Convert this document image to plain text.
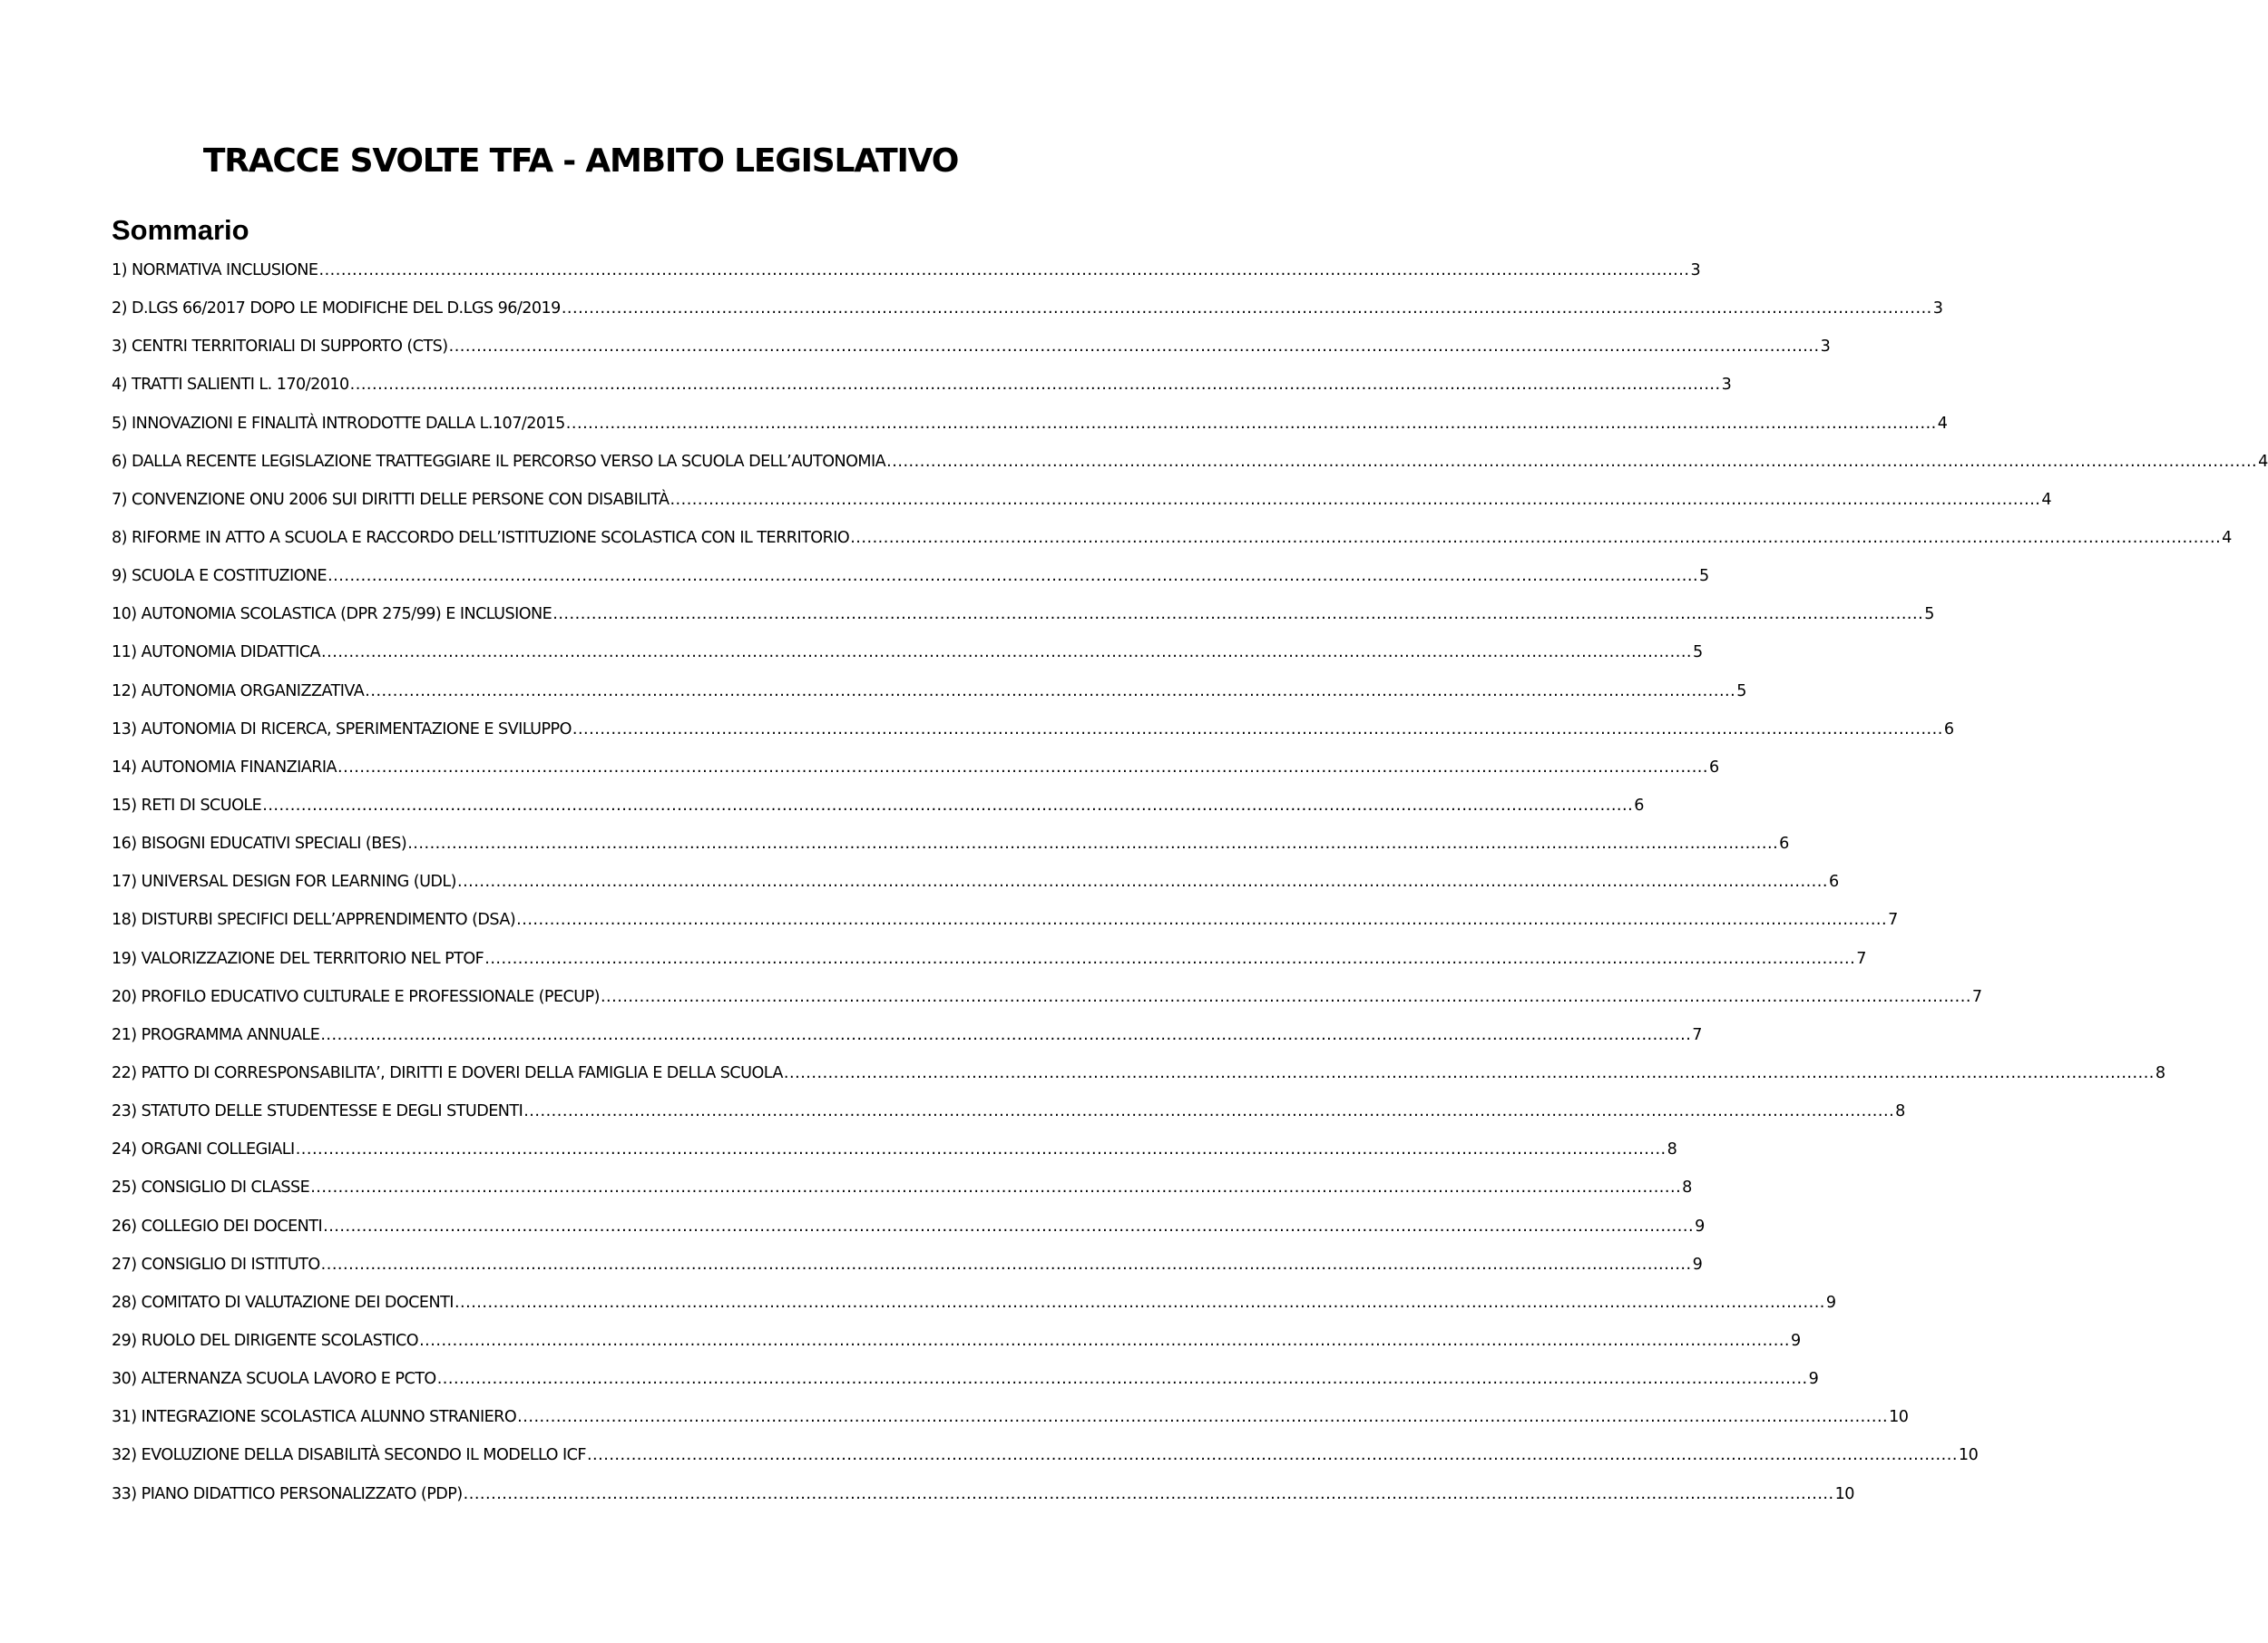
TRACCE SVOLTE TFA - AMBITO LEGISLATIVO
Sommario
1) NORMATIVA INCLUSIONE .....	3
2) D.LGS 66/2017 DOPO LE MODIFICHE DEL D.LGS 96/2019 .....	3
3) CENTRI TERRITORIALI DI SUPPORTO (CTS) .....	3
4) TRATTI SALIENTI L. 170/2010 .....	3
5) INNOVAZIONI E FINALITÀ INTRODOTTE DALLA L.107/2015 .....	4
6) DALLA RECENTE LEGISLAZIONE TRATTEGGIARE IL PERCORSO VERSO LA SCUOLA DELL’AUTONOMIA .....	4
7) CONVENZIONE ONU 2006 SUI DIRITTI DELLE PERSONE CON DISABILITÀ .....	4
8) RIFORME IN ATTO A SCUOLA E RACCORDO DELL’ISTITUZIONE SCOLASTICA CON IL TERRITORIO .....	4
9) SCUOLA E COSTITUZIONE .....	5
10) AUTONOMIA SCOLASTICA (DPR 275/99) E INCLUSIONE .....	5
11) AUTONOMIA DIDATTICA .....	5
12) AUTONOMIA ORGANIZZATIVA .....	5
13) AUTONOMIA DI RICERCA, SPERIMENTAZIONE E SVILUPPO .....	6
14) AUTONOMIA FINANZIARIA .....	6
15) RETI DI SCUOLE .....	6
16) BISOGNI EDUCATIVI SPECIALI (BES) .....	6
17) UNIVERSAL DESIGN FOR LEARNING (UDL) .....	6
18) DISTURBI SPECIFICI DELL’APPRENDIMENTO (DSA) .....	7
19) VALORIZZAZIONE DEL TERRITORIO NEL PTOF .....	7
20) PROFILO EDUCATIVO CULTURALE E PROFESSIONALE (PECUP) .....	7
21) PROGRAMMA ANNUALE .....	7
22) PATTO DI CORRESPONSABILITA’, DIRITTI E DOVERI DELLA FAMIGLIA E DELLA SCUOLA .....	8
23) STATUTO DELLE STUDENTESSE E DEGLI STUDENTI .....	8
24) ORGANI COLLEGIALI .....	8
25) CONSIGLIO DI CLASSE .....	8
26) COLLEGIO DEI DOCENTI .....	9
27) CONSIGLIO DI ISTITUTO .....	9
28) COMITATO DI VALUTAZIONE DEI DOCENTI .....	9
29) RUOLO DEL DIRIGENTE SCOLASTICO .....	9
30) ALTERNANZA SCUOLA LAVORO E PCTO .....	9
31) INTEGRAZIONE SCOLASTICA ALUNNO STRANIERO .....	10
32) EVOLUZIONE DELLA DISABILITÀ SECONDO IL MODELLO ICF .....	10
33) PIANO DIDATTICO PERSONALIZZATO (PDP) .....	10
